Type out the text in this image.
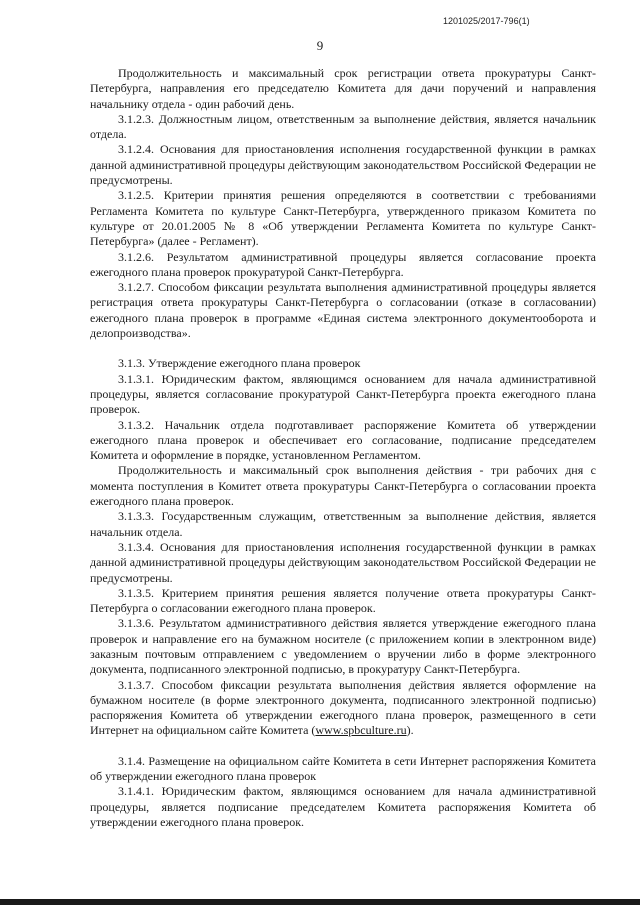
1201025/2017-796(1)
9

Продолжительность и максимальный срок регистрации ответа прокуратуры Санкт-Петербурга, направления его председателю Комитета для дачи поручений и направления начальнику отдела - один рабочий день.

3.1.2.3. Должностным лицом, ответственным за выполнение действия, является начальник отдела.

3.1.2.4. Основания для приостановления исполнения государственной функции в рамках данной административной процедуры действующим законодательством Российской Федерации не предусмотрены.

3.1.2.5. Критерии принятия решения определяются в соответствии с требованиями Регламента Комитета по культуре Санкт-Петербурга, утвержденного приказом Комитета по культуре от 20.01.2005 № 8 «Об утверждении Регламента Комитета по культуре Санкт-Петербурга» (далее - Регламент).

3.1.2.6. Результатом административной процедуры является согласование проекта ежегодного плана проверок прокуратурой Санкт-Петербурга.

3.1.2.7. Способом фиксации результата выполнения административной процедуры является регистрация ответа прокуратуры Санкт-Петербурга о согласовании (отказе в согласовании) ежегодного плана проверок в программе «Единая система электронного документооборота и делопроизводства».

3.1.3. Утверждение ежегодного плана проверок

3.1.3.1. Юридическим фактом, являющимся основанием для начала административной процедуры, является согласование прокуратурой Санкт-Петербурга проекта ежегодного плана проверок.

3.1.3.2. Начальник отдела подготавливает распоряжение Комитета об утверждении ежегодного плана проверок и обеспечивает его согласование, подписание председателем Комитета и оформление в порядке, установленном Регламентом.

Продолжительность и максимальный срок выполнения действия - три рабочих дня с момента поступления в Комитет ответа прокуратуры Санкт-Петербурга о согласовании проекта ежегодного плана проверок.

3.1.3.3. Государственным служащим, ответственным за выполнение действия, является начальник отдела.

3.1.3.4. Основания для приостановления исполнения государственной функции в рамках данной административной процедуры действующим законодательством Российской Федерации не предусмотрены.

3.1.3.5. Критерием принятия решения является получение ответа прокуратуры Санкт-Петербурга о согласовании ежегодного плана проверок.

3.1.3.6. Результатом административного действия является утверждение ежегодного плана проверок и направление его на бумажном носителе (с приложением копии в электронном виде) заказным почтовым отправлением с уведомлением о вручении либо в форме электронного документа, подписанного электронной подписью, в прокуратуру Санкт-Петербурга.

3.1.3.7. Способом фиксации результата выполнения действия является оформление на бумажном носителе (в форме электронного документа, подписанного электронной подписью) распоряжения Комитета об утверждении ежегодного плана проверок, размещенного в сети Интернет на официальном сайте Комитета (www.spbculture.ru).

3.1.4. Размещение на официальном сайте Комитета в сети Интернет распоряжения Комитета об утверждении ежегодного плана проверок

3.1.4.1. Юридическим фактом, являющимся основанием для начала административной процедуры, является подписание председателем Комитета распоряжения Комитета об утверждении ежегодного плана проверок.
